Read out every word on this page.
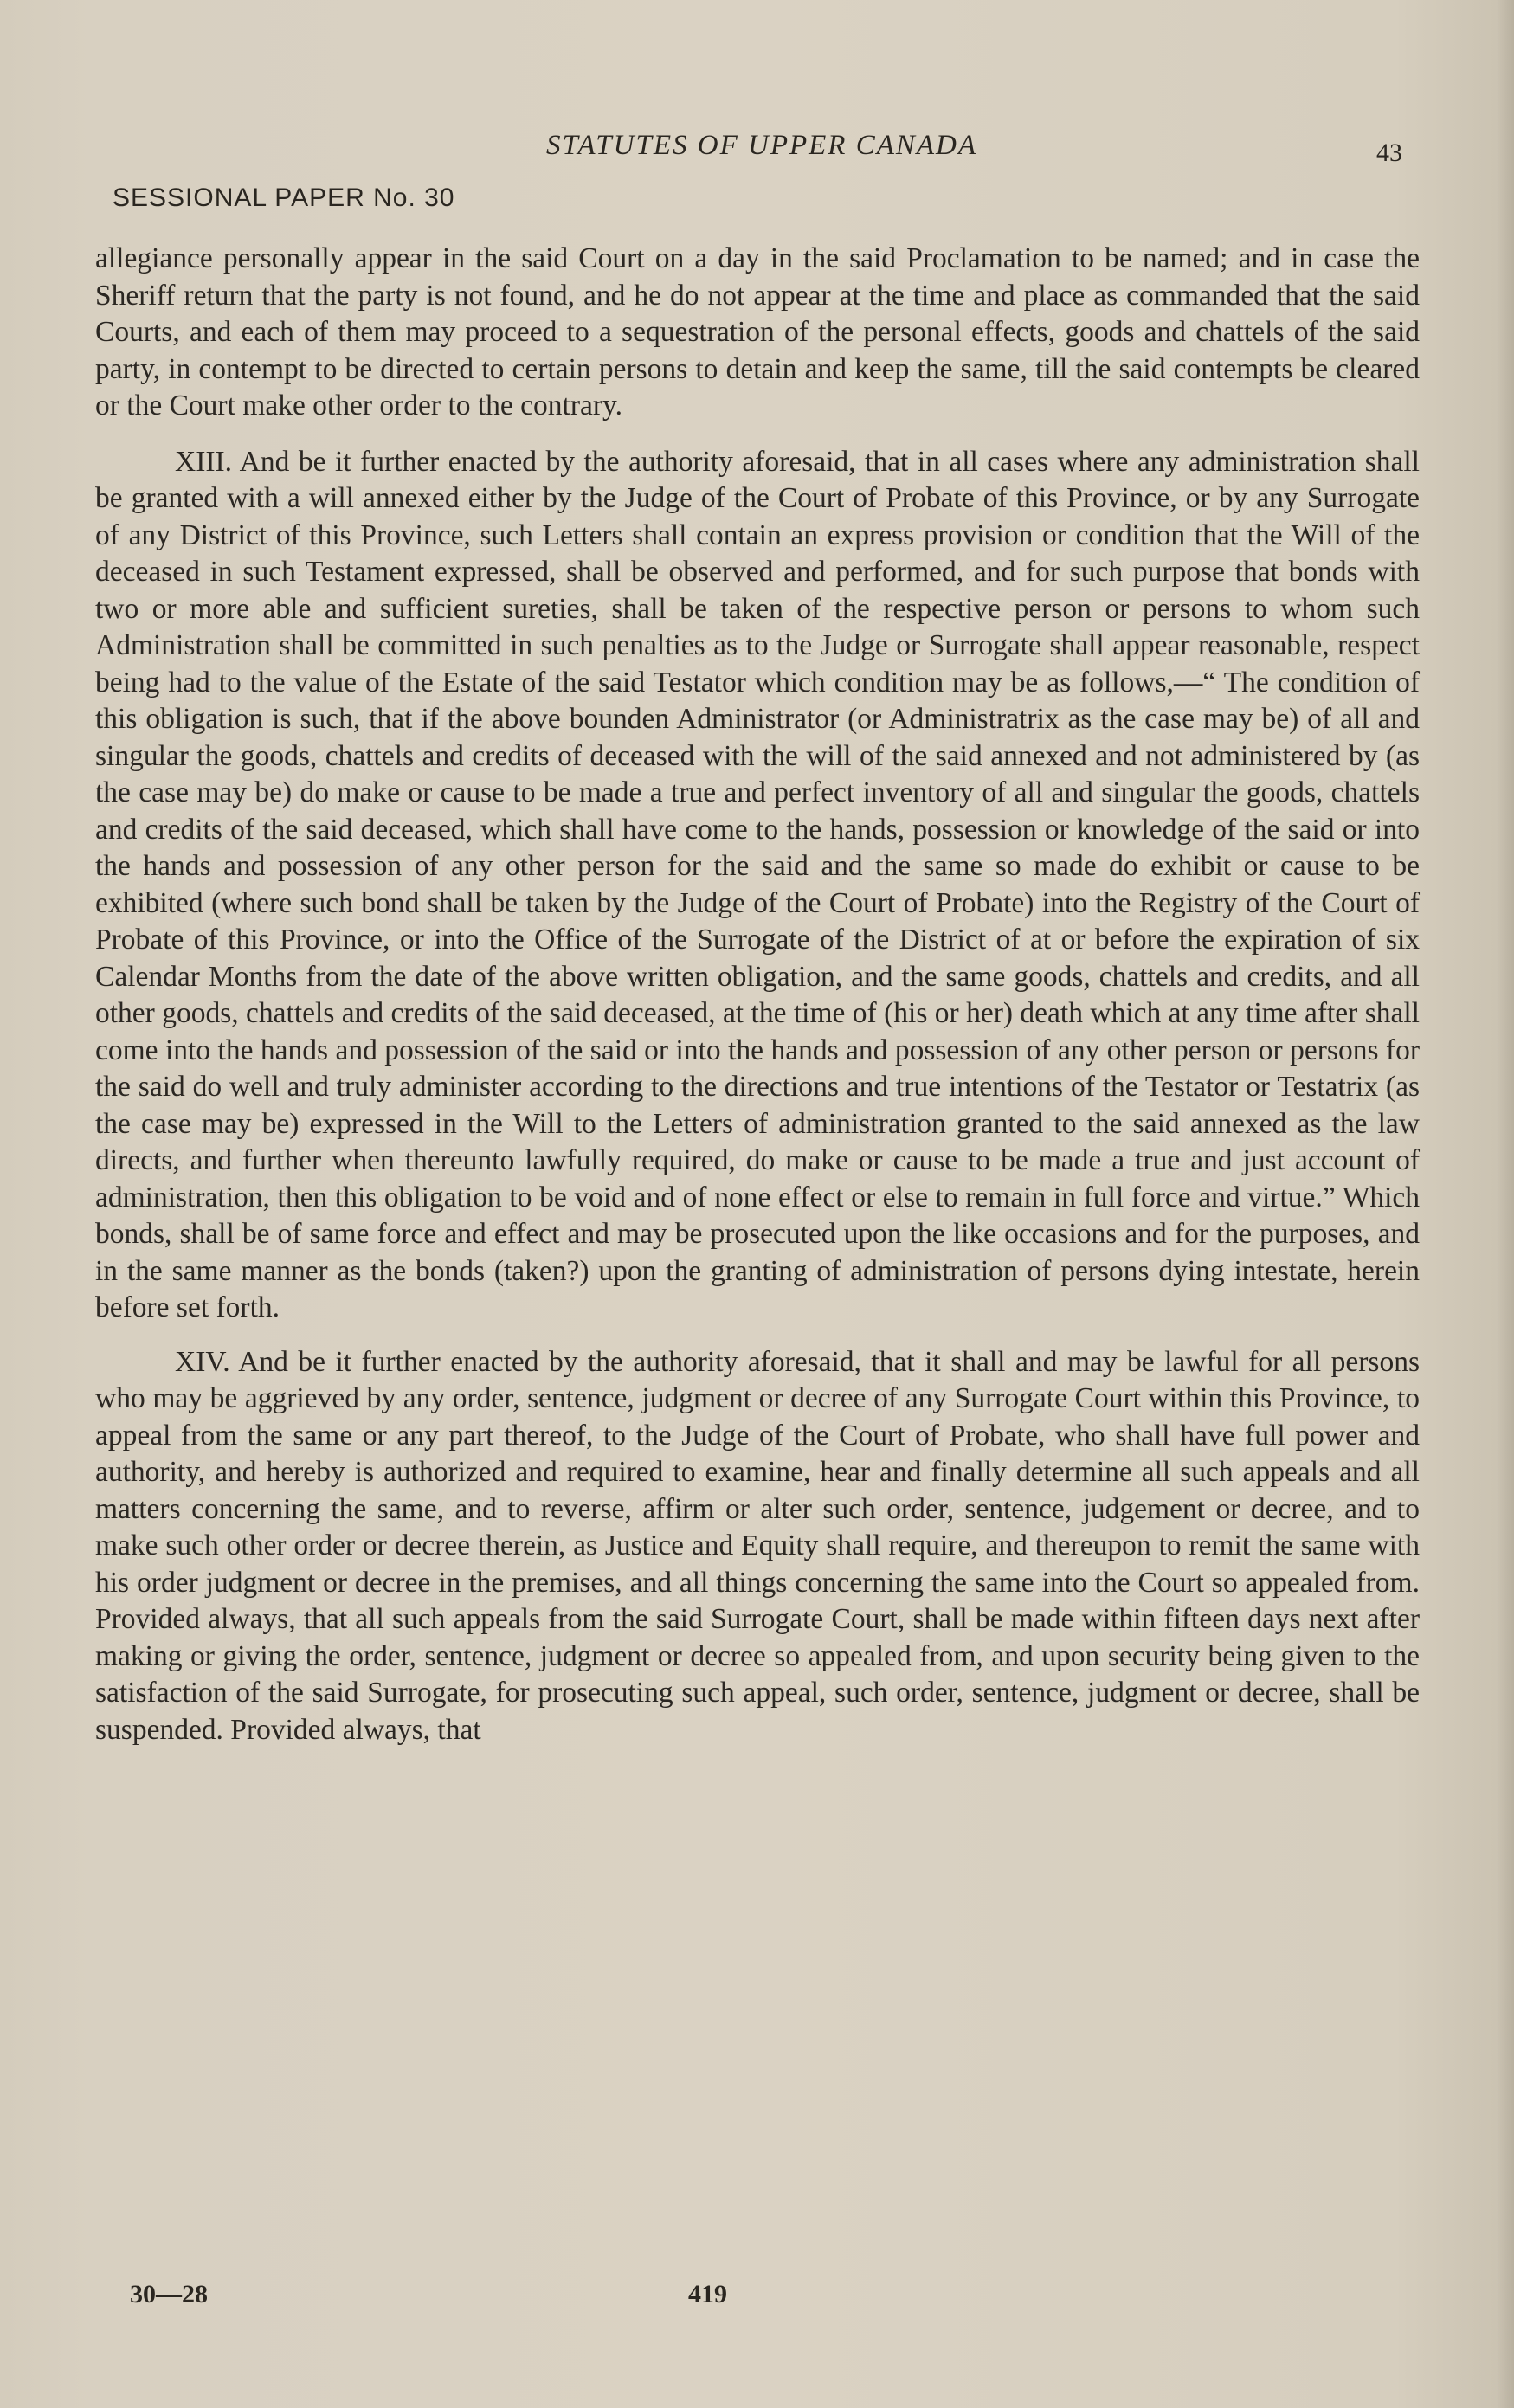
STATUTES OF UPPER CANADA	43
SESSIONAL PAPER No. 30

allegiance personally appear in the said Court on a day in the said Proclamation to be named; and in case the Sheriff return that the party is not found, and he do not appear at the time and place as commanded that the said Courts, and each of them may proceed to a sequestration of the personal effects, goods and chattels of the said party, in contempt to be directed to certain persons to detain and keep the same, till the said contempts be cleared or the Court make other order to the contrary.

XIII. And be it further enacted by the authority aforesaid, that in all cases where any administration shall be granted with a will annexed either by the Judge of the Court of Probate of this Province, or by any Surrogate of any District of this Province, such Letters shall contain an express provision or condition that the Will of the deceased in such Testament expressed, shall be observed and performed, and for such purpose that bonds with two or more able and sufficient sureties, shall be taken of the respective person or persons to whom such Administration shall be committed in such penalties as to the Judge or Surrogate shall appear reasonable, respect being had to the value of the Estate of the said Testator which condition may be as follows,—“ The condition of this obligation is such, that if the above bounden Administrator (or Administratrix as the case may be) of all and singular the goods, chattels and credits of deceased with the will of the said annexed and not administered by (as the case may be) do make or cause to be made a true and perfect inventory of all and singular the goods, chattels and credits of the said deceased, which shall have come to the hands, possession or knowledge of the said or into the hands and possession of any other person for the said and the same so made do exhibit or cause to be exhibited (where such bond shall be taken by the Judge of the Court of Probate) into the Registry of the Court of Probate of this Province, or into the Office of the Surrogate of the District of at or before the expiration of six Calendar Months from the date of the above written obligation, and the same goods, chattels and credits, and all other goods, chattels and credits of the said deceased, at the time of (his or her) death which at any time after shall come into the hands and possession of the said or into the hands and possession of any other person or persons for the said do well and truly administer according to the directions and true intentions of the Testator or Testatrix (as the case may be) expressed in the Will to the Letters of administration granted to the said annexed as the law directs, and further when thereunto lawfully required, do make or cause to be made a true and just account of administration, then this obligation to be void and of none effect or else to remain in full force and virtue.” Which bonds, shall be of same force and effect and may be prosecuted upon the like occasions and for the purposes, and in the same manner as the bonds (taken?) upon the granting of administration of persons dying intestate, herein before set forth.

XIV. And be it further enacted by the authority aforesaid, that it shall and may be lawful for all persons who may be aggrieved by any order, sentence, judgment or decree of any Surrogate Court within this Province, to appeal from the same or any part thereof, to the Judge of the Court of Probate, who shall have full power and authority, and hereby is authorized and required to examine, hear and finally determine all such appeals and all matters concerning the same, and to reverse, affirm or alter such order, sentence, judgement or decree, and to make such other order or decree therein, as Justice and Equity shall require, and thereupon to remit the same with his order judgment or decree in the premises, and all things concerning the same into the Court so appealed from. Provided always, that all such appeals from the said Surrogate Court, shall be made within fifteen days next after making or giving the order, sentence, judgment or decree so appealed from, and upon security being given to the satisfaction of the said Surrogate, for prosecuting such appeal, such order, sentence, judgment or decree, shall be suspended. Provided always, that

30—28	419
